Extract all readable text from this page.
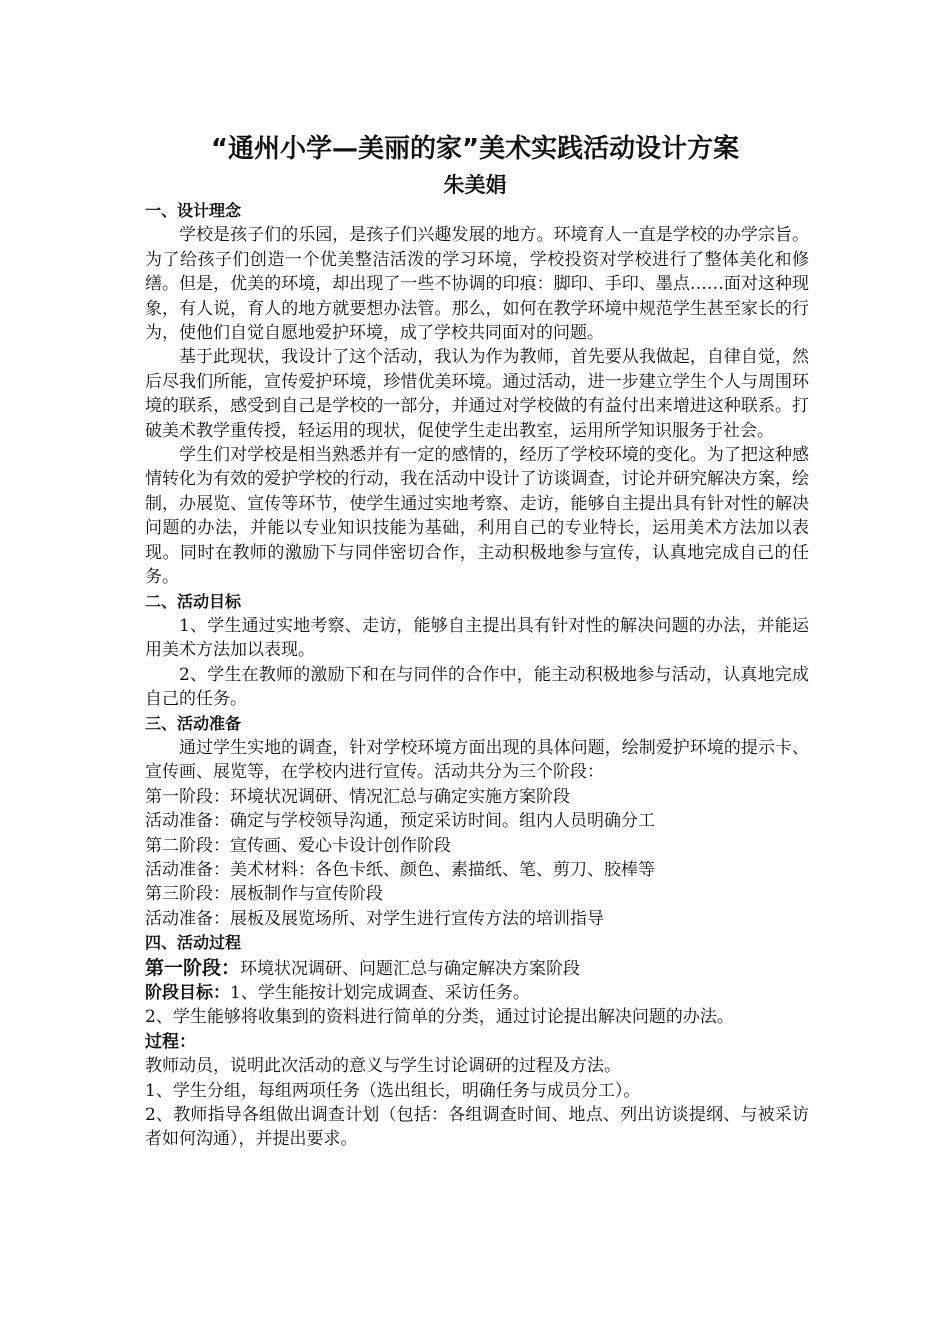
“通州小学—美丽的家”美术实践活动设计方案
朱美娟
一、设计理念
学校是孩子们的乐园，是孩子们兴趣发展的地方。环境育人一直是学校的办学宗旨。为了给孩子们创造一个优美整洁活泼的学习环境，学校投资对学校进行了整体美化和修缮。但是，优美的环境，却出现了一些不协调的印痕：脚印、手印、墨点……面对这种现象，有人说，育人的地方就要想办法管。那么，如何在教学环境中规范学生甚至家长的行为，使他们自觉自愿地爱护环境，成了学校共同面对的问题。
基于此现状，我设计了这个活动，我认为作为教师，首先要从我做起，自律自觉，然后尽我们所能，宣传爱护环境，珍惜优美环境。通过活动，进一步建立学生个人与周围环境的联系，感受到自己是学校的一部分，并通过对学校做的有益付出来增进这种联系。打破美术教学重传授，轻运用的现状，促使学生走出教室，运用所学知识服务于社会。
学生们对学校是相当熟悉并有一定的感情的，经历了学校环境的变化。为了把这种感情转化为有效的爱护学校的行动，我在活动中设计了访谈调查，讨论并研究解决方案，绘制，办展览、宣传等环节，使学生通过实地考察、走访，能够自主提出具有针对性的解决问题的办法，并能以专业知识技能为基础，利用自己的专业特长，运用美术方法加以表现。同时在教师的激励下与同伴密切合作，主动积极地参与宣传，认真地完成自己的任务。
二、活动目标
1、学生通过实地考察、走访，能够自主提出具有针对性的解决问题的办法，并能运用美术方法加以表现。
2、学生在教师的激励下和在与同伴的合作中，能主动积极地参与活动，认真地完成自己的任务。
三、活动准备
通过学生实地的调查，针对学校环境方面出现的具体问题，绘制爱护环境的提示卡、宣传画、展览等，在学校内进行宣传。活动共分为三个阶段：
第一阶段：环境状况调研、情况汇总与确定实施方案阶段
活动准备：确定与学校领导沟通，预定采访时间。组内人员明确分工
第二阶段：宣传画、爱心卡设计创作阶段
活动准备：美术材料：各色卡纸、颜色、素描纸、笔、剪刀、胶棒等
第三阶段：展板制作与宣传阶段
活动准备：展板及展览场所、对学生进行宣传方法的培训指导
四、活动过程
第一阶段：环境状况调研、问题汇总与确定解决方案阶段
阶段目标：1、学生能按计划完成调查、采访任务。
2、学生能够将收集到的资料进行简单的分类，通过讨论提出解决问题的办法。
过程：
教师动员，说明此次活动的意义与学生讨论调研的过程及方法。
1、学生分组，每组两项任务（选出组长，明确任务与成员分工）。
2、教师指导各组做出调查计划（包括：各组调查时间、地点、列出访谈提纲、与被采访者如何沟通），并提出要求。
